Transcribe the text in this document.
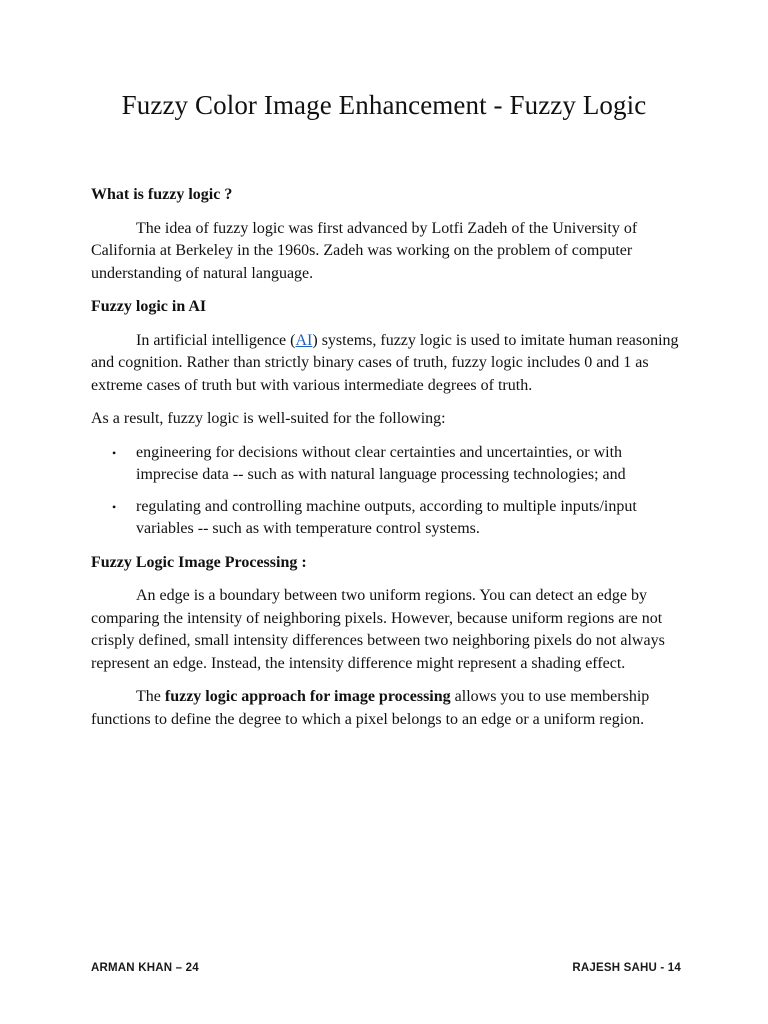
Fuzzy Color Image Enhancement - Fuzzy Logic
What is fuzzy logic ?

The idea of fuzzy logic was first advanced by Lotfi Zadeh of the University of California at Berkeley in the 1960s. Zadeh was working on the problem of computer understanding of natural language.

Fuzzy logic in AI

In artificial intelligence (AI) systems, fuzzy logic is used to imitate human reasoning and cognition. Rather than strictly binary cases of truth, fuzzy logic includes 0 and 1 as extreme cases of truth but with various intermediate degrees of truth.

As a result, fuzzy logic is well-suited for the following:

• engineering for decisions without clear certainties and uncertainties, or with imprecise data -- such as with natural language processing technologies; and
• regulating and controlling machine outputs, according to multiple inputs/input variables -- such as with temperature control systems.
Fuzzy Logic Image Processing :

An edge is a boundary between two uniform regions. You can detect an edge by comparing the intensity of neighboring pixels. However, because uniform regions are not crisply defined, small intensity differences between two neighboring pixels do not always represent an edge. Instead, the intensity difference might represent a shading effect.

The fuzzy logic approach for image processing allows you to use membership functions to define the degree to which a pixel belongs to an edge or a uniform region.

ARMAN KHAN – 24	RAJESH SAHU - 14
